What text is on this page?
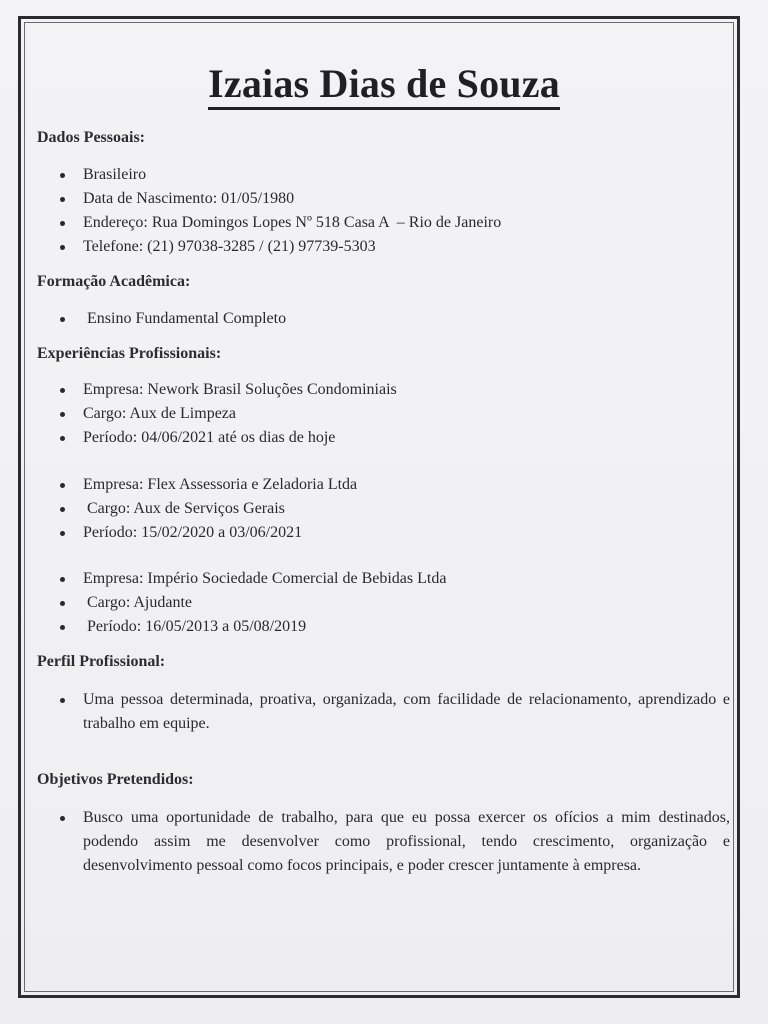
Izaias Dias de Souza
Dados Pessoais:
Brasileiro
Data de Nascimento: 01/05/1980
Endereço: Rua Domingos Lopes Nº 518 Casa A  – Rio de Janeiro
Telefone: (21) 97038-3285 / (21) 97739-5303
Formação Acadêmica:
Ensino Fundamental Completo
Experiências Profissionais:
Empresa: Nework Brasil Soluções Condominiais
Cargo: Aux de Limpeza
Período: 04/06/2021 até os dias de hoje
Empresa: Flex Assessoria e Zeladoria Ltda
Cargo: Aux de Serviços Gerais
Período: 15/02/2020 a 03/06/2021
Empresa: Império Sociedade Comercial de Bebidas Ltda
Cargo: Ajudante
Período: 16/05/2013 a 05/08/2019
Perfil Profissional:
Uma pessoa determinada, proativa, organizada, com facilidade de relacionamento, aprendizado e trabalho em equipe.
Objetivos Pretendidos:
Busco uma oportunidade de trabalho, para que eu possa exercer os ofícios a mim destinados, podendo assim me desenvolver como profissional, tendo crescimento, organização e desenvolvimento pessoal como focos principais, e poder crescer juntamente à empresa.
